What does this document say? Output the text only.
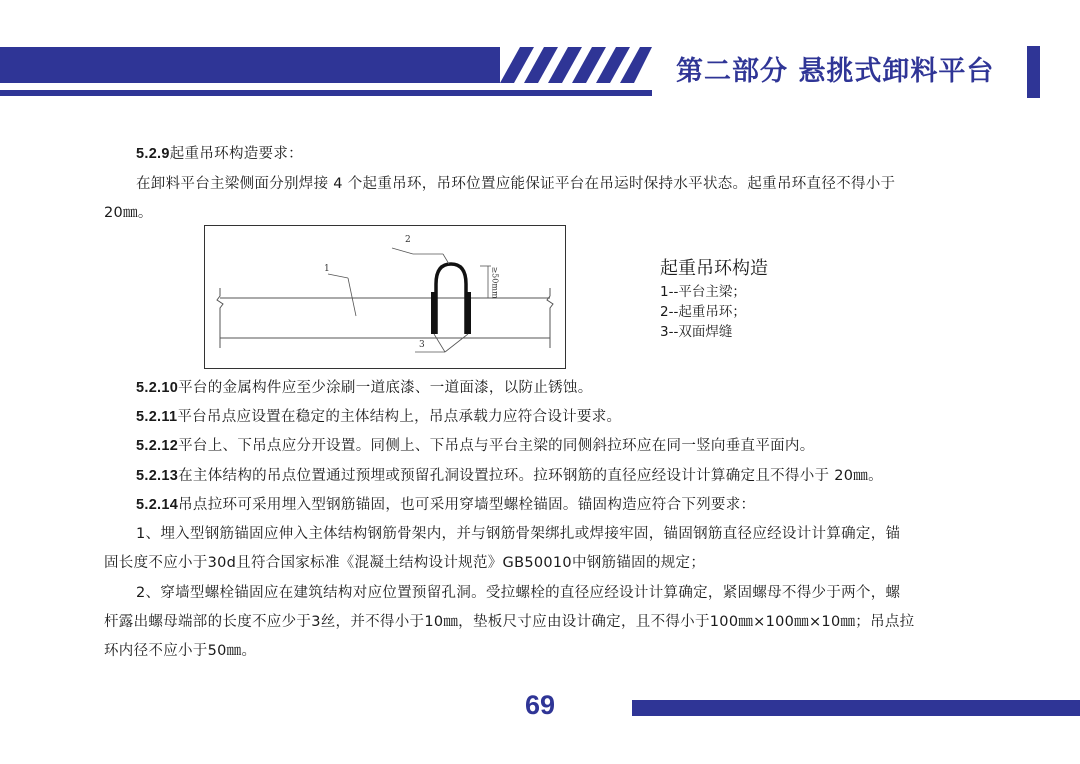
第二部分 悬挑式卸料平台
5.2.9起重吊环构造要求：
在卸料平台主梁侧面分别焊接 4 个起重吊环，吊环位置应能保证平台在吊运时保持水平状态。起重吊环直径不得小于
20㎜。
2
1
3
≥50mm	起重吊环构造
1--平台主梁；
2--起重吊环；
3--双面焊缝
5.2.10平台的金属构件应至少涂刷一道底漆、一道面漆，以防止锈蚀。
5.2.11平台吊点应设置在稳定的主体结构上，吊点承载力应符合设计要求。
5.2.12平台上、下吊点应分开设置。同侧上、下吊点与平台主梁的同侧斜拉环应在同一竖向垂直平面内。
5.2.13在主体结构的吊点位置通过预埋或预留孔洞设置拉环。拉环钢筋的直径应经设计计算确定且不得小于 20㎜。
5.2.14吊点拉环可采用埋入型钢筋锚固，也可采用穿墙型螺栓锚固。锚固构造应符合下列要求：
1、埋入型钢筋锚固应伸入主体结构钢筋骨架内，并与钢筋骨架绑扎或焊接牢固，锚固钢筋直径应经设计计算确定，锚
固长度不应小于30d且符合国家标准《混凝土结构设计规范》GB50010中钢筋锚固的规定；
2、穿墙型螺栓锚固应在建筑结构对应位置预留孔洞。受拉螺栓的直径应经设计计算确定，紧固螺母不得少于两个，螺
杆露出螺母端部的长度不应少于3丝，并不得小于10㎜，垫板尺寸应由设计确定，且不得小于100㎜×100㎜×10㎜；吊点拉
环内径不应小于50㎜。
69
